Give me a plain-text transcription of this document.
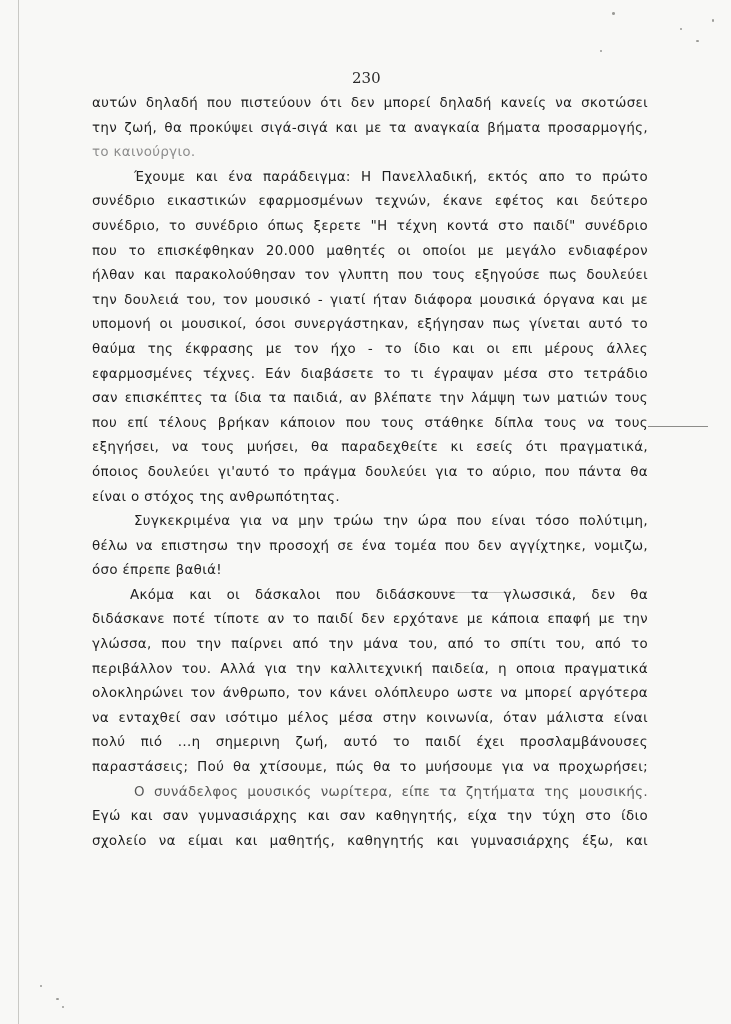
230
αυτών δηλαδή που πιστεύουν ότι δεν μπορεί δηλαδή κανείς να σκοτώσει
την ζωή, θα προκύψει σιγά-σιγά και με τα αναγκαία βήματα προσαρμογής,
το καινούργιο.
Έχουμε και ένα παράδειγμα: Η Πανελλαδική, εκτός απο το πρώτο
συνέδριο εικαστικών εφαρμοσμένων τεχνών, έκανε εφέτος και δεύτερο
συνέδριο, το συνέδριο όπως ξερετε "Η τέχνη κοντά στο παιδί" συνέδριο
που το επισκέφθηκαν 20.000 μαθητές οι οποίοι με μεγάλο ενδιαφέρον
ήλθαν και παρακολούθησαν τον γλυπτη που τους εξηγούσε πως δουλεύει
την δουλειά του, τον μουσικό - γιατί ήταν διάφορα μουσικά όργανα και με
υπομονή οι μουσικοί, όσοι συνεργάστηκαν, εξήγησαν πως γίνεται αυτό το
θαύμα της έκφρασης με τον ήχο - το ίδιο και οι επι μέρους άλλες
εφαρμοσμένες τέχνες. Εάν διαβάσετε το τι έγραψαν μέσα στο τετράδιο
σαν επισκέπτες τα ίδια τα παιδιά, αν βλέπατε την λάμψη των ματιών τους
που επί τέλους βρήκαν κάποιον που τους στάθηκε δίπλα τους να τους
εξηγήσει, να τους μυήσει, θα παραδεχθείτε κι εσείς ότι πραγματικά,
όποιος δουλεύει γι'αυτό το πράγμα δουλεύει για το αύριο, που πάντα θα
είναι ο στόχος της ανθρωπότητας.
Συγκεκριμένα για να μην τρώω την ώρα που είναι τόσο πολύτιμη,
θέλω να επιστησω την προσοχή σε ένα τομέα που δεν αγγίχτηκε, νομιζω,
όσο έπρεπε βαθιά!
Ακόμα και οι δάσκαλοι που διδάσκουνε τα γλωσσικά, δεν θα
διδάσκανε ποτέ τίποτε αν το παιδί δεν ερχότανε με κάποια επαφή με την
γλώσσα, που την παίρνει από την μάνα του, από το σπίτι του, από το
περιβάλλον του. Αλλά για την καλλιτεχνική παιδεία, η οποια πραγματικά
ολοκληρώνει τον άνθρωπο, τον κάνει ολόπλευρο ωστε να μπορεί αργότερα
να ενταχθεί σαν ισότιμο μέλος μέσα στην κοινωνία, όταν μάλιστα είναι
πολύ πιό ...η σημερινη ζωή, αυτό το παιδί έχει προσλαμβάνουσες
παραστάσεις; Πού θα χτίσουμε, πώς θα το μυήσουμε για να προχωρήσει;
Ο συνάδελφος μουσικός νωρίτερα, είπε τα ζητήματα της μουσικής.
Εγώ και σαν γυμνασιάρχης και σαν καθηγητής, είχα την τύχη στο ίδιο
σχολείο να είμαι και μαθητής, καθηγητής και γυμνασιάρχης έξω, και
